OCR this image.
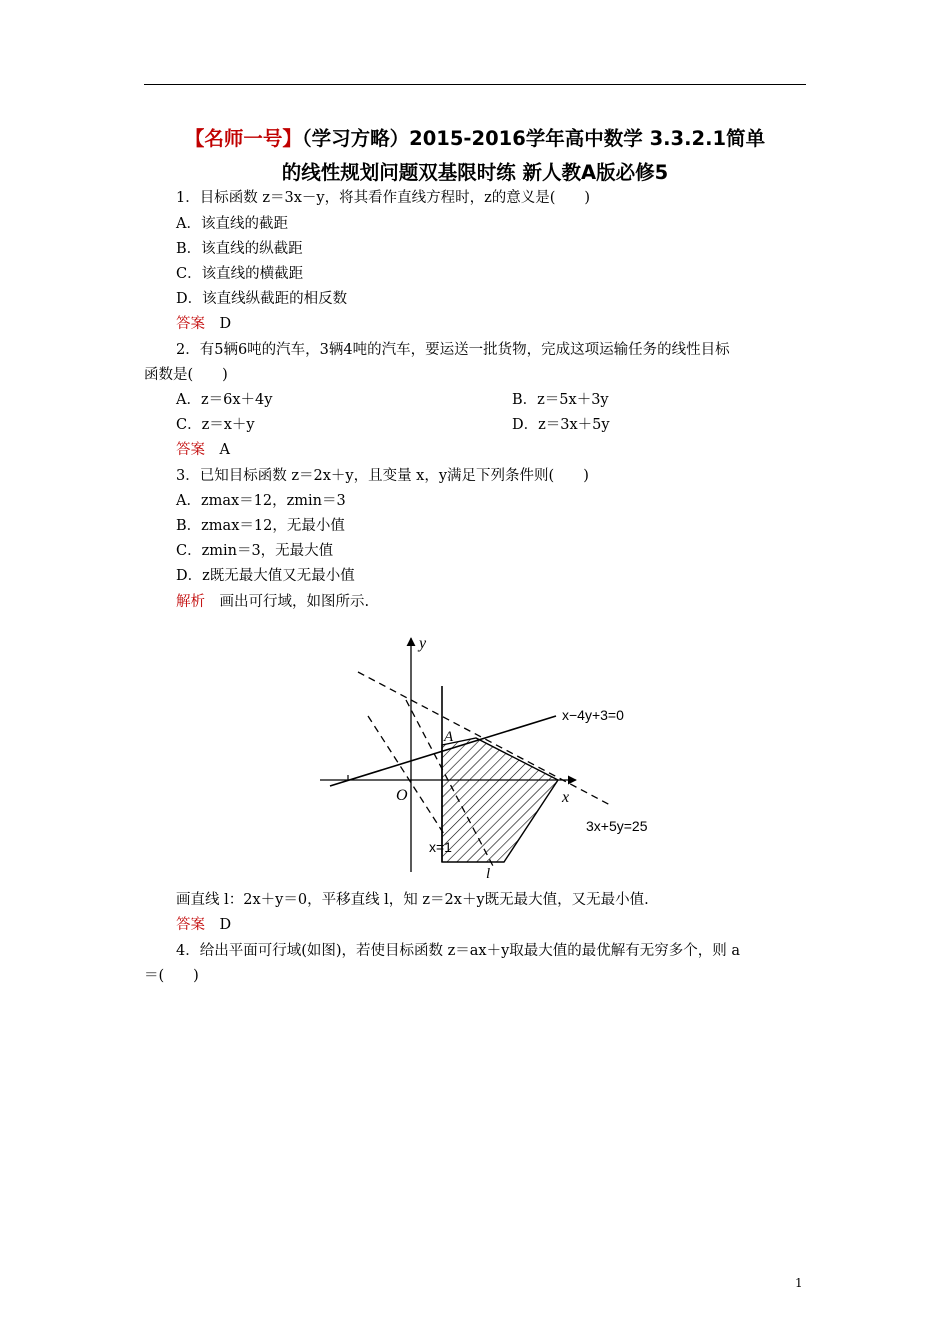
【名师一号】（学习方略）2015-2016学年高中数学 3.3.2.1简单
的线性规划问题双基限时练 新人教A版必修5
1．目标函数 z＝3x－y，将其看作直线方程时，z的意义是(　　)
A．该直线的截距
B．该直线的纵截距
C．该直线的横截距
D．该直线纵截距的相反数
答案　 D
2．有5辆6吨的汽车，3辆4吨的汽车，要运送一批货物，完成这项运输任务的线性目标
函数是(　　)
A．z＝6x＋4y	B．z＝5x＋3y
C．z＝x＋y	D．z＝3x＋5y
答案　 A
3．已知目标函数 z＝2x＋y，且变量 x，y满足下列条件则(　　)
A．zmax＝12，zmin＝3
B．zmax＝12，无最小值
C．zmin＝3，无最大值
D．z既无最大值又无最小值
解析　 画出可行域，如图所示.
y
x
O
A
l
x−4y+3=0
3x+5y=25
x=1
画直线 l：2x＋y＝0，平移直线 l，知 z＝2x＋y既无最大值，又无最小值.
答案　 D
4．给出平面可行域(如图)，若使目标函数 z＝ax＋y取最大值的最优解有无穷多个，则 a
＝(　　)
1
